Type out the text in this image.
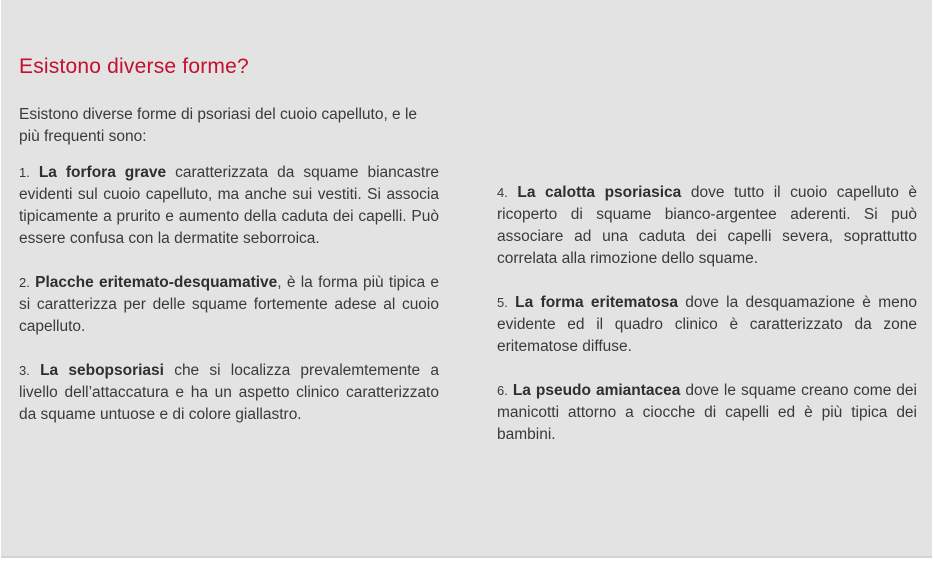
Esistono diverse forme?

Esistono diverse forme di psoriasi del cuoio capelluto, e le più frequenti sono:

1. La forfora grave caratterizzata da squame biancastre evidenti sul cuoio capelluto, ma anche sui vestiti. Si associa tipicamente a prurito e aumento della caduta dei capelli. Può essere confusa con la dermatite seborroica.

2. Placche eritemato-desquamative, è la forma più tipica e si caratterizza per delle squame fortemente adese al cuoio capelluto.

3. La sebopsoriasi che si localizza prevalemtemente a livello dell’attaccatura e ha un aspetto clinico caratterizzato da squame untuose e di colore giallastro.

4. La calotta psoriasica dove tutto il cuoio capelluto è ricoperto di squame bianco-argentee aderenti. Si può associare ad una caduta dei capelli severa, soprattutto correlata alla rimozione dello squame.

5. La forma eritematosa dove la desquamazione è meno evidente ed il quadro clinico è caratterizzato da zone eritematose diffuse.

6. La pseudo amiantacea dove le squame creano come dei manicotti attorno a ciocche di capelli ed è più tipica dei bambini.
